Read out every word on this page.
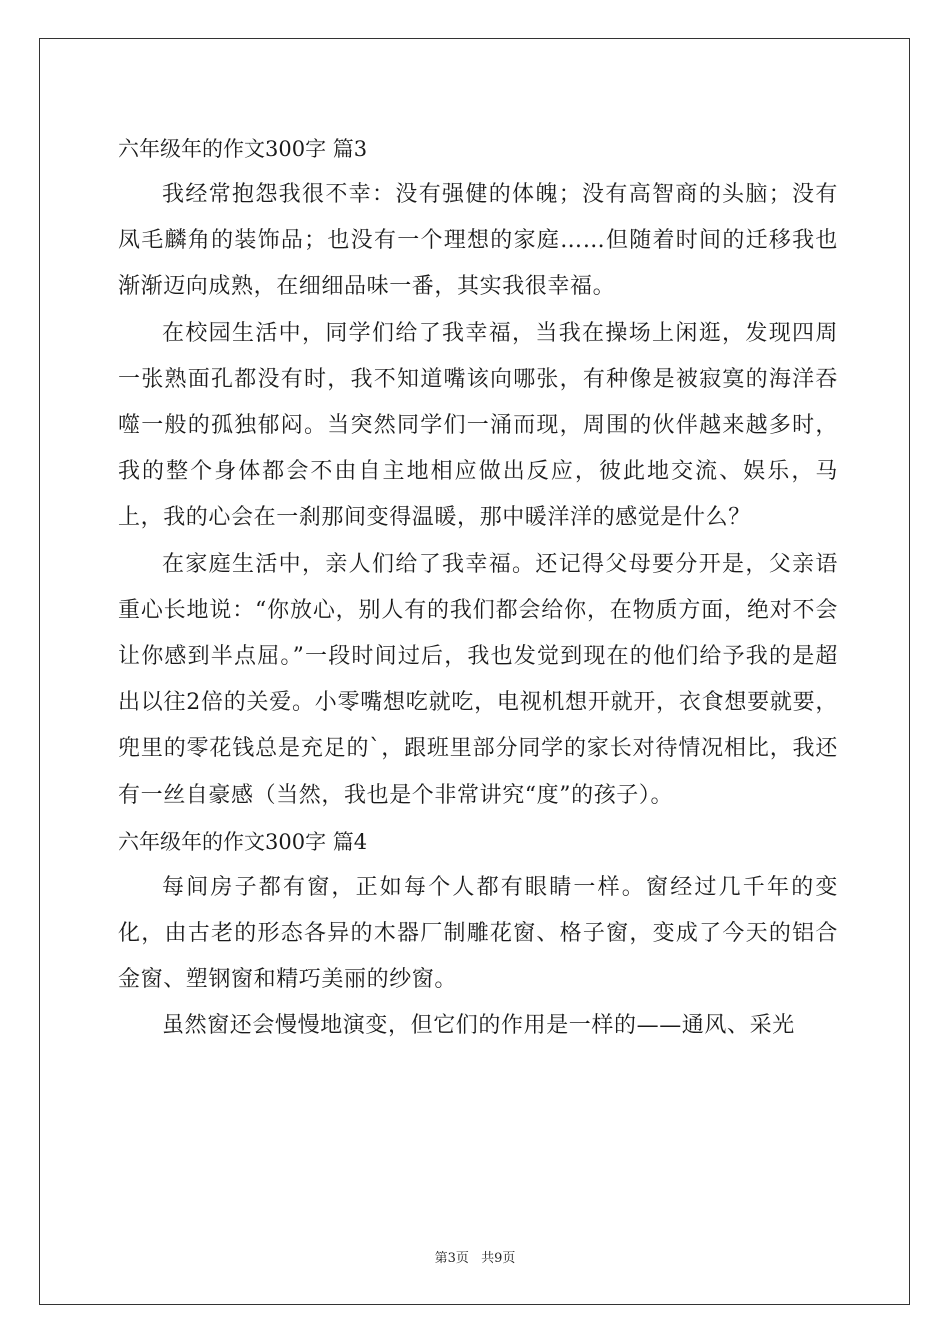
六年级年的作文300字 篇3

我经常抱怨我很不幸：没有强健的体魄；没有高智商的头脑；没有凤毛麟角的装饰品；也没有一个理想的家庭……但随着时间的迁移我也渐渐迈向成熟，在细细品味一番，其实我很幸福。

在校园生活中，同学们给了我幸福，当我在操场上闲逛，发现四周一张熟面孔都没有时，我不知道嘴该向哪张，有种像是被寂寞的海洋吞噬一般的孤独郁闷。当突然同学们一涌而现，周围的伙伴越来越多时，我的整个身体都会不由自主地相应做出反应，彼此地交流、娱乐，马上，我的心会在一刹那间变得温暖，那中暖洋洋的感觉是什么？

在家庭生活中，亲人们给了我幸福。还记得父母要分开是，父亲语重心长地说：“你放心，别人有的我们都会给你，在物质方面，绝对不会让你感到半点屈。”一段时间过后，我也发觉到现在的他们给予我的是超出以往2倍的关爱。小零嘴想吃就吃，电视机想开就开，衣食想要就要，兜里的零花钱总是充足的`，跟班里部分同学的家长对待情况相比，我还有一丝自豪感（当然，我也是个非常讲究“度”的孩子）。

六年级年的作文300字 篇4

每间房子都有窗，正如每个人都有眼睛一样。窗经过几千年的变化，由古老的形态各异的木器厂制雕花窗、格子窗，变成了今天的铝合金窗、塑钢窗和精巧美丽的纱窗。

虽然窗还会慢慢地演变，但它们的作用是一样的——通风、采光

第3页 共9页
